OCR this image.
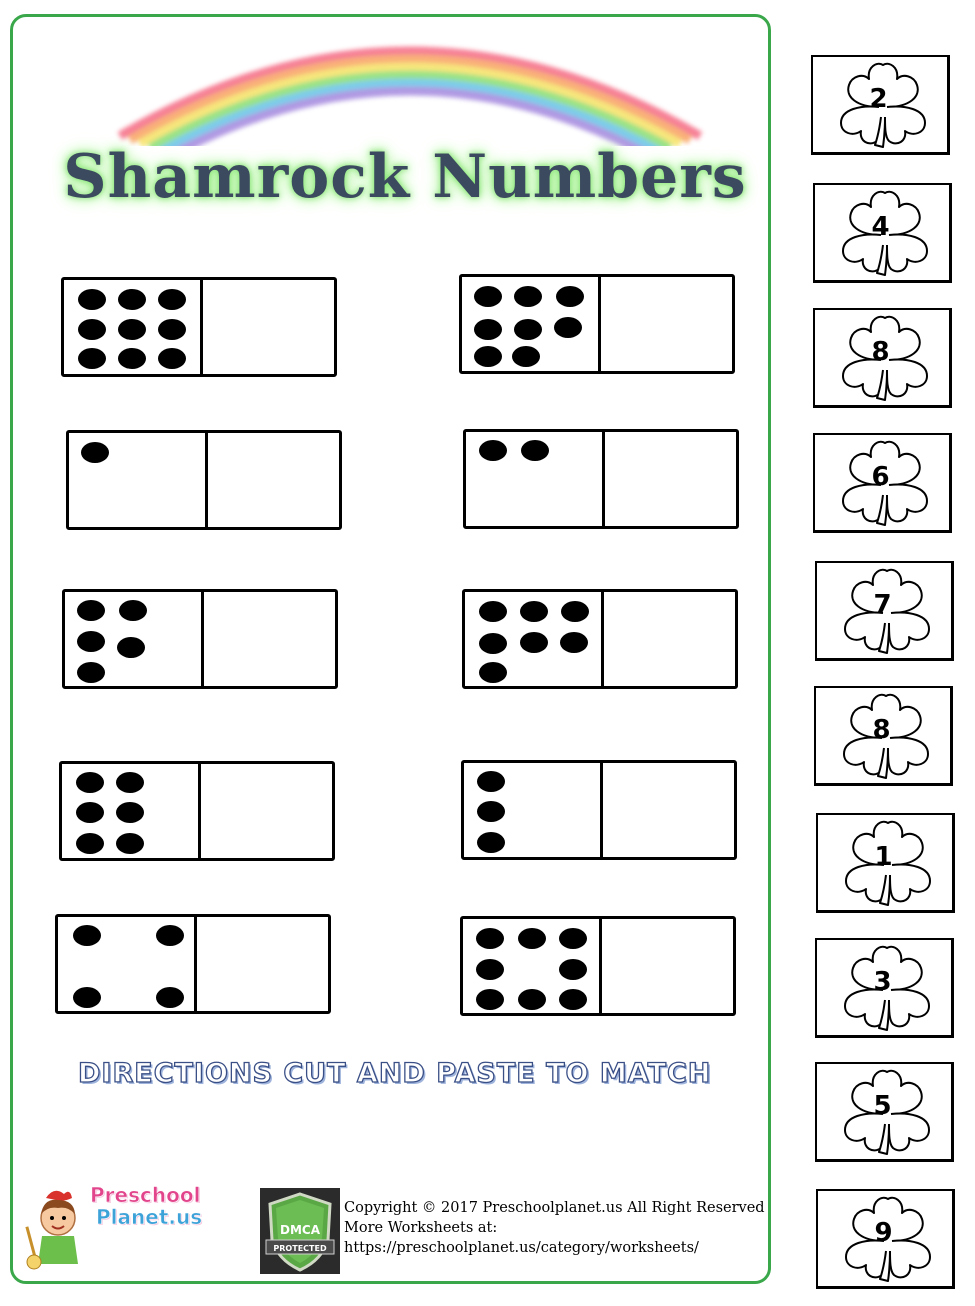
Shamrock Numbers

DIRECTIONS CUT AND PASTE TO MATCH

Preschool
Planet.us
DMCA
PROTECTED
Copyright © 2017 Preschoolplanet.us All Right Reserved
More Worksheets at:
https://preschoolplanet.us/category/worksheets/
2
4
8
6
7
8
1
3
5
9
